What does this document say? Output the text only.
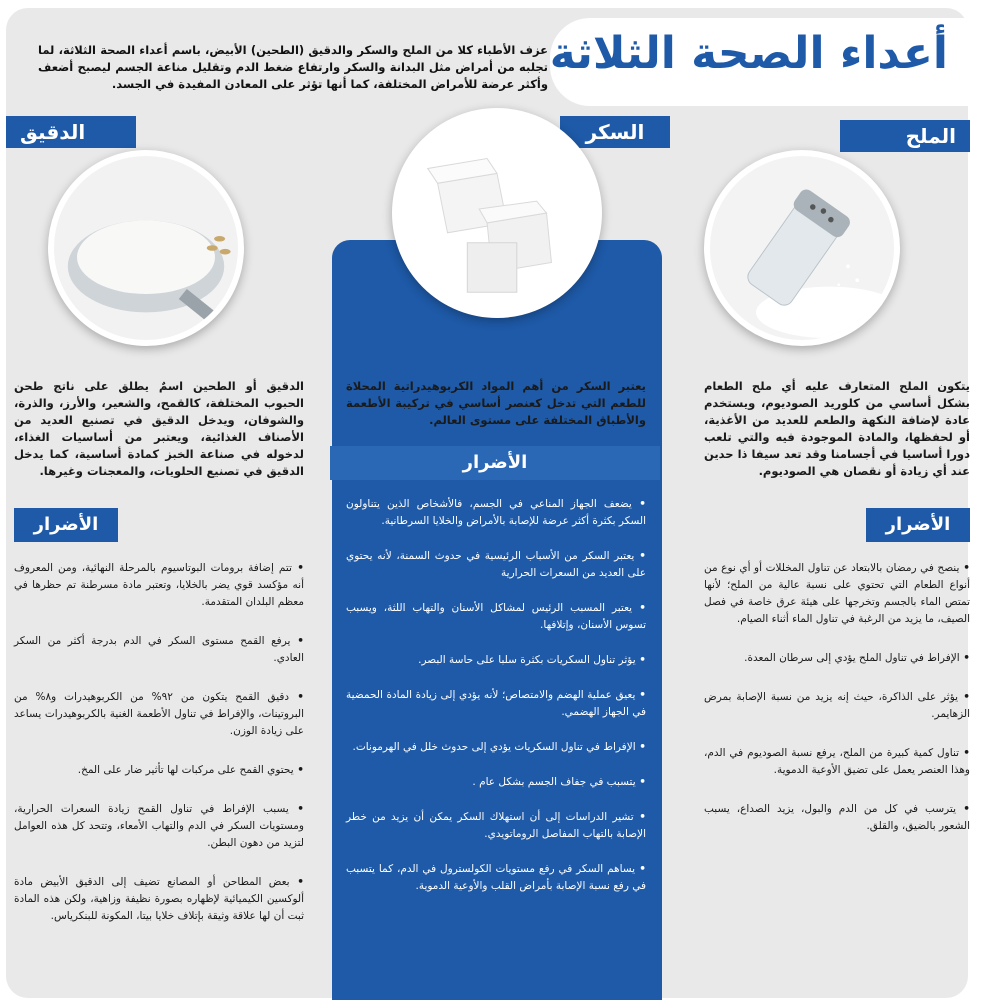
أعداء الصحة الثلاثة
عزف الأطباء كلا من الملح والسكر والدقيق (الطحين) الأبيض، باسم أعداء الصحة الثلاثة، لما تجلبه من أمراض مثل البدانة والسكر وارتفاع ضغط الدم وتقليل مناعة الجسم ليصبح أضعف وأكثر عرضة للأمراض المختلفة، كما أنها تؤثر على المعادن المفيدة في الجسد.
الملح
السكر
الدقيق
يتكون الملح المتعارف عليه أي ملح الطعام بشكل أساسي من كلوريد الصوديوم، ويستخدم عادة لإضافة النكهة والطعم للعديد من الأغذية، أو لحفظها، والمادة الموجودة فيه والتي تلعب دورا أساسيا في أجسامنا وقد تعد سيفا ذا حدين عند أي زيادة أو نقصان هي الصوديوم.
يعتبر السكر من أهم المواد الكربوهيدراتية المحلاة للطعم التي تدخل كعنصر أساسي في تركيبة الأطعمة والأطباق المختلفة على مستوى العالم.
الدقيق أو الطحين اسمٌ يطلق على ناتج طحن الحبوب المختلفة، كالقمح، والشعير، والأرز، والذرة، والشوفان، ويدخل الدقيق في تصنيع العديد من الأصناف الغذائية، ويعتبر من أساسيات الغذاء، لدخوله في صناعة الخبز كمادة أساسية، كما يدخل الدقيق في تصنيع الحلويات، والمعجنات وغيرها.
الأضرار
الأضرار
الأضرار
• ينصح في رمضان بالابتعاد عن تناول المخللات أو أي نوع من أنواع الطعام التي تحتوي على نسبة عالية من الملح؛ لأنها تمتص الماء بالجسم وتخرجها على هيئة عرق خاصة في فصل الصيف، ما يزيد من الرغبة في تناول الماء أثناء الصيام.
• الإفراط في تناول الملح يؤدي إلى سرطان المعدة.
• يؤثر على الذاكرة، حيث إنه يزيد من نسبة الإصابة بمرض الزهايمر.
• تناول كمية كبيرة من الملح، يرفع نسبة الصوديوم في الدم، وهذا العنصر يعمل على تضيق الأوعية الدموية.
• يترسب في كل من الدم والبول، يزيد الصداع، يسبب الشعور بالضيق، والقلق.
• يضعف الجهاز المناعي في الجسم، فالأشخاص الذين يتناولون السكر بكثرة أكثر عرضة للإصابة بالأمراض والخلايا السرطانية.
• يعتبر السكر من الأسباب الرئيسية في حدوث السمنة، لأنه يحتوي على العديد من السعرات الحرارية
• يعتبر المسبب الرئيس لمشاكل الأسنان والتهاب اللثة، ويسبب تسوس الأسنان، وإتلافها.
• يؤثر تناول السكريات بكثرة سلبا على حاسة البصر.
• يعيق عملية الهضم والامتصاص؛ لأنه يؤدي إلى زيادة المادة الحمضية في الجهاز الهضمي.
• الإفراط في تناول السكريات يؤدي إلى حدوث خلل في الهرمونات.
• يتسبب في جفاف الجسم بشكل عام .
• تشير الدراسات إلى أن استهلاك السكر يمكن أن يزيد من خطر الإصابة بالتهاب المفاصل الروماتويدي.
• يساهم السكر في رفع مستويات الكولسترول في الدم، كما يتسبب في رفع نسبة الإصابة بأمراض القلب والأوعية الدموية.
• تتم إضافة برومات البوتاسيوم بالمرحلة النهائية، ومن المعروف أنه مؤكسد قوي يضر بالخلايا، وتعتبر مادة مسرطنة تم حظرها في معظم البلدان المتقدمة.
• يرفع القمح مستوى السكر في الدم بدرجة أكثر من السكر العادي.
• دقيق القمح يتكون من ٩٢% من الكربوهيدرات و٨% من البروتينات، والإفراط في تناول الأطعمة الغنية بالكربوهيدرات يساعد على زيادة الوزن.
• يحتوي القمح على مركبات لها تأثير ضار على المخ.
• يسبب الإفراط في تناول القمح زيادة السعرات الحرارية، ومستويات السكر في الدم والتهاب الأمعاء، وتتحد كل هذه العوامل لتزيد من دهون البطن.
• بعض المطاحن أو المصانع تضيف إلى الدقيق الأبيض مادة ألوكسين الكيميائية لإظهاره بصورة نظيفة وزاهية، ولكن هذه المادة ثبت أن لها علاقة وثيقة بإتلاف خلايا بيتا، المكونة للبنكرياس.
